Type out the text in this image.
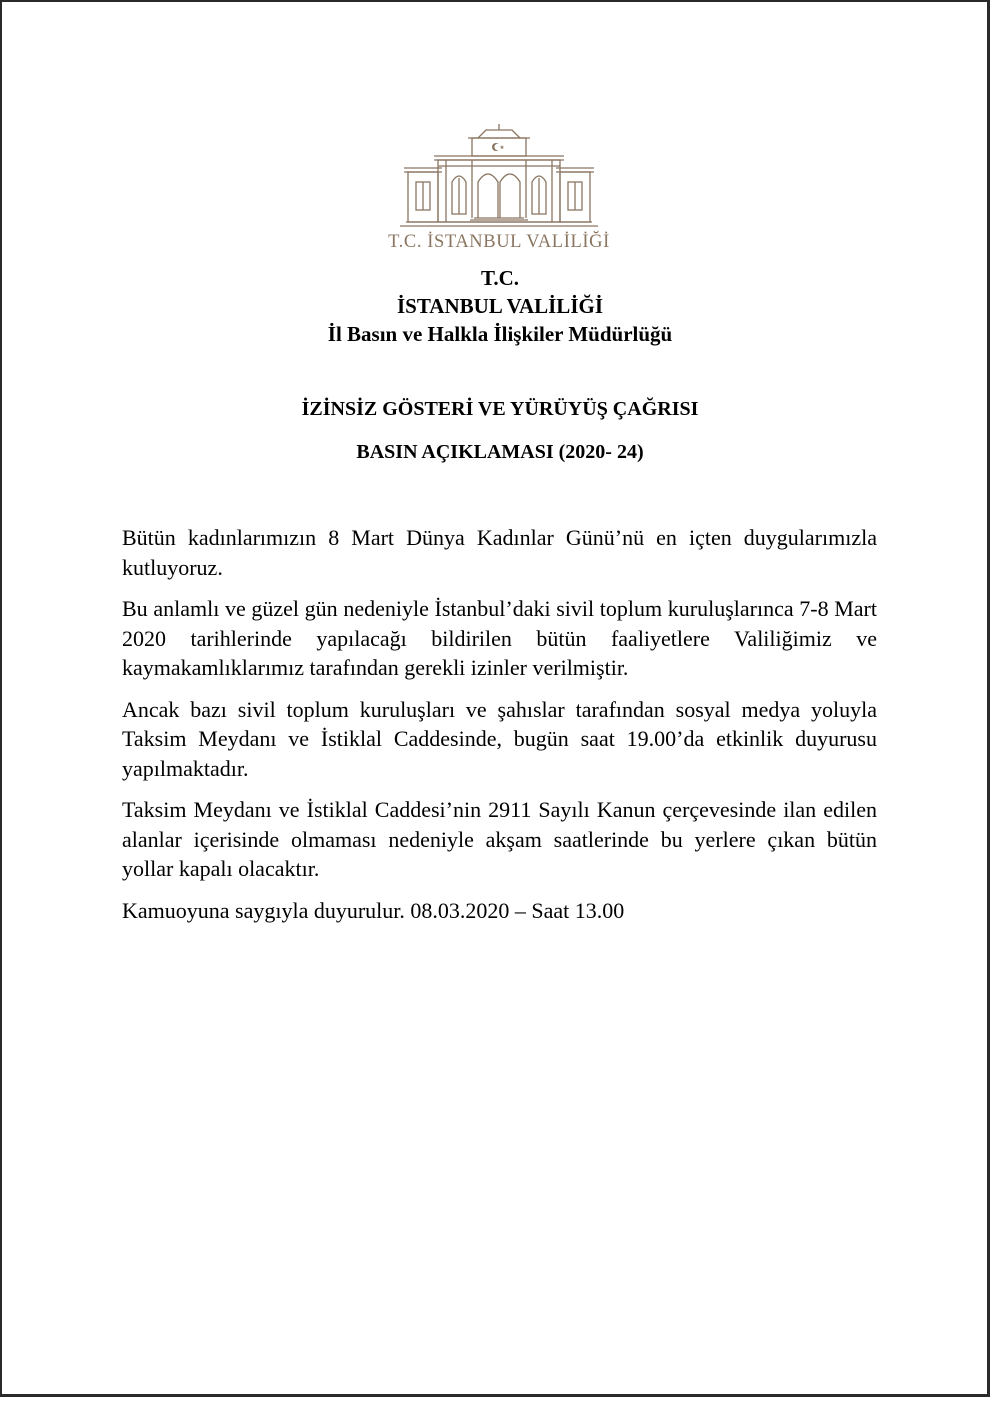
T.C. İSTANBUL VALİLİĞİ
T.C.
İSTANBUL VALİLİĞİ
İl Basın ve Halkla İlişkiler Müdürlüğü
İZİNSİZ GÖSTERİ VE YÜRÜYÜŞ ÇAĞRISI
BASIN AÇIKLAMASI (2020- 24)

Bütün kadınlarımızın 8 Mart Dünya Kadınlar Günü’nü en içten duygularımızla kutluyoruz.

Bu anlamlı ve güzel gün nedeniyle İstanbul’daki sivil toplum kuruluşlarınca 7-8 Mart 2020 tarihlerinde yapılacağı bildirilen bütün faaliyetlere Valiliğimiz ve kaymakamlıklarımız tarafından gerekli izinler verilmiştir.

Ancak bazı sivil toplum kuruluşları ve şahıslar tarafından sosyal medya yoluyla Taksim Meydanı ve İstiklal Caddesinde, bugün saat 19.00’da etkinlik duyurusu yapılmaktadır.

Taksim Meydanı ve İstiklal Caddesi’nin 2911 Sayılı Kanun çerçevesinde ilan edilen alanlar içerisinde olmaması nedeniyle akşam saatlerinde bu yerlere çıkan bütün yollar kapalı olacaktır.

Kamuoyuna saygıyla duyurulur. 08.03.2020 – Saat 13.00
